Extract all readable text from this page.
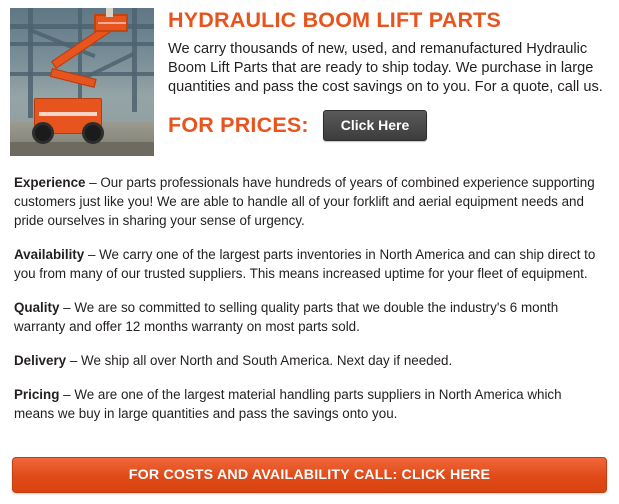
HYDRAULIC BOOM LIFT PARTS

We carry thousands of new, used, and remanufactured Hydraulic Boom Lift Parts that are ready to ship today. We purchase in large quantities and pass the cost savings on to you. For a quote, call us.

FOR PRICES:	Click Here

Experience – Our parts professionals have hundreds of years of combined experience supporting customers just like you! We are able to handle all of your forklift and aerial equipment needs and pride ourselves in sharing your sense of urgency.

Availability – We carry one of the largest parts inventories in North America and can ship direct to you from many of our trusted suppliers. This means increased uptime for your fleet of equipment.

Quality – We are so committed to selling quality parts that we double the industry's 6 month warranty and offer 12 months warranty on most parts sold.

Delivery – We ship all over North and South America. Next day if needed.

Pricing – We are one of the largest material handling parts suppliers in North America which means we buy in large quantities and pass the savings onto you.

FOR COSTS AND AVAILABILITY CALL: CLICK HERE
